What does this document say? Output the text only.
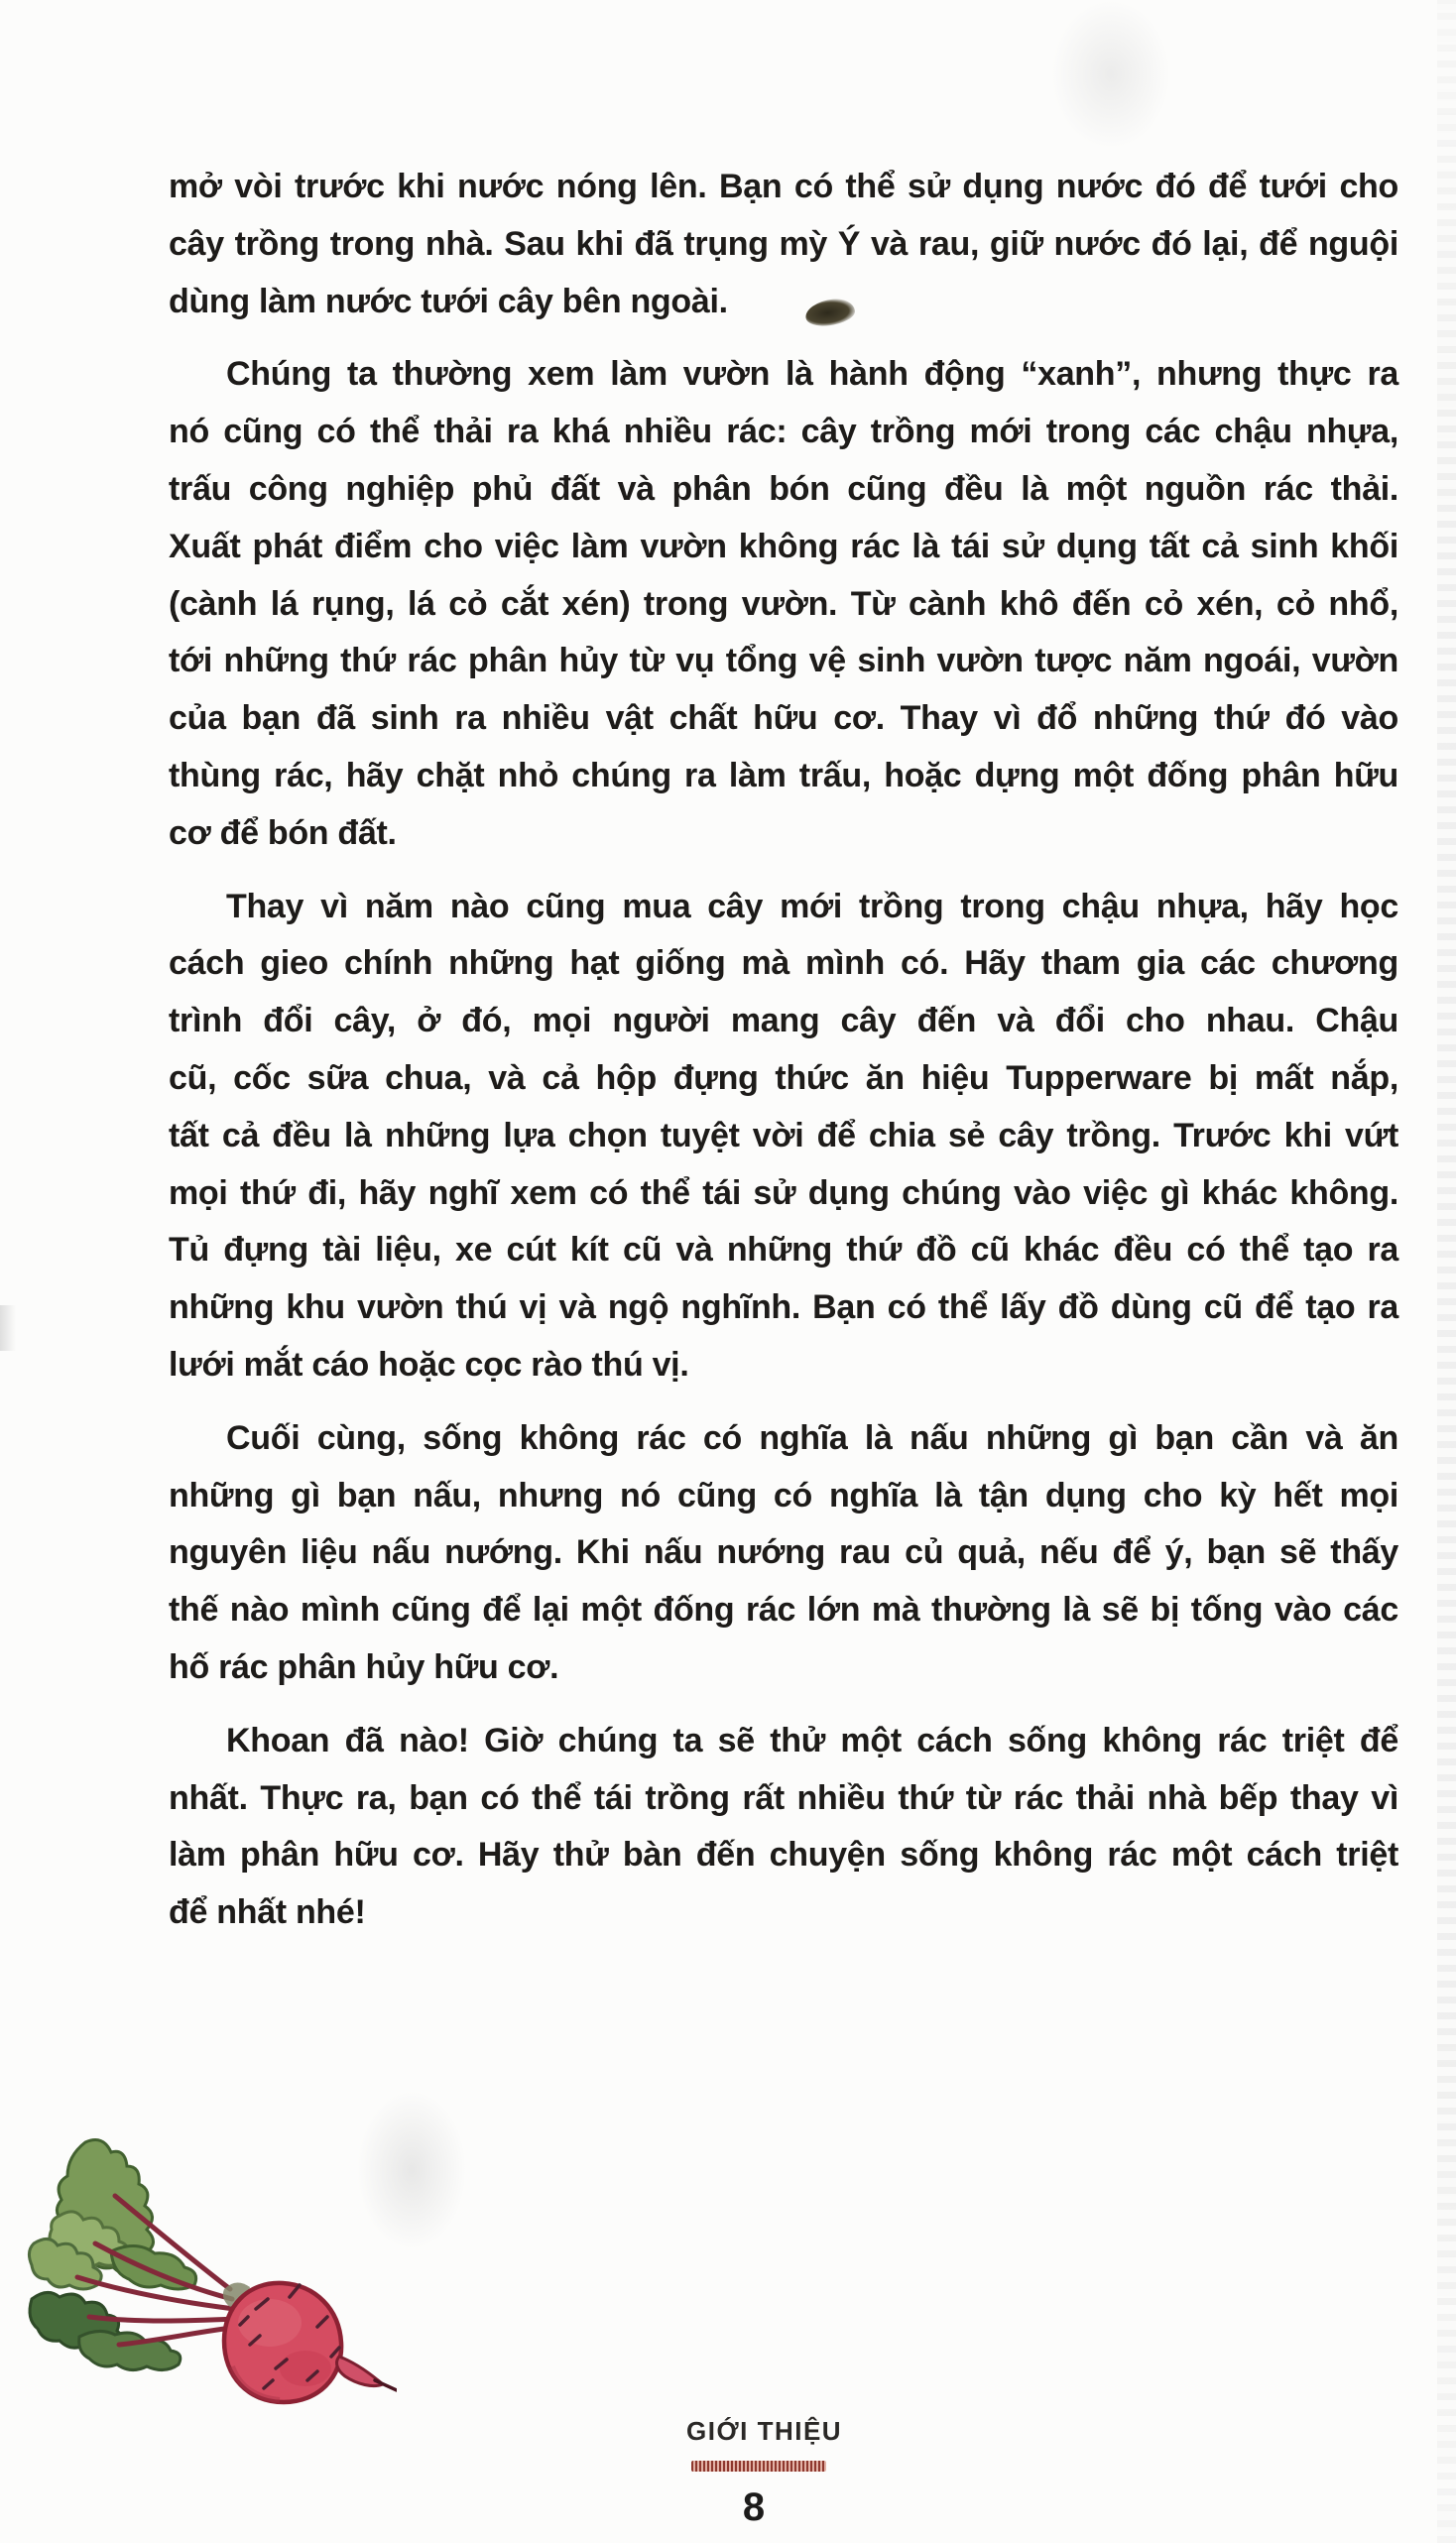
mở vòi trước khi nước nóng lên. Bạn có thể sử dụng nước đó để tưới cho
cây trồng trong nhà. Sau khi đã trụng mỳ Ý và rau, giữ nước đó lại, để nguội
dùng làm nước tưới cây bên ngoài.

Chúng ta thường xem làm vườn là hành động “xanh”, nhưng thực ra
nó cũng có thể thải ra khá nhiều rác: cây trồng mới trong các chậu nhựa,
trấu công nghiệp phủ đất và phân bón cũng đều là một nguồn rác thải.
Xuất phát điểm cho việc làm vườn không rác là tái sử dụng tất cả sinh khối
(cành lá rụng, lá cỏ cắt xén) trong vườn. Từ cành khô đến cỏ xén, cỏ nhổ,
tới những thứ rác phân hủy từ vụ tổng vệ sinh vườn tược năm ngoái, vườn
của bạn đã sinh ra nhiều vật chất hữu cơ. Thay vì đổ những thứ đó vào
thùng rác, hãy chặt nhỏ chúng ra làm trấu, hoặc dựng một đống phân hữu
cơ để bón đất.

Thay vì năm nào cũng mua cây mới trồng trong chậu nhựa, hãy học
cách gieo chính những hạt giống mà mình có. Hãy tham gia các chương
trình đổi cây, ở đó, mọi người mang cây đến và đổi cho nhau. Chậu
cũ, cốc sữa chua, và cả hộp đựng thức ăn hiệu Tupperware bị mất nắp,
tất cả đều là những lựa chọn tuyệt vời để chia sẻ cây trồng. Trước khi vứt
mọi thứ đi, hãy nghĩ xem có thể tái sử dụng chúng vào việc gì khác không.
Tủ đựng tài liệu, xe cút kít cũ và những thứ đồ cũ khác đều có thể tạo ra
những khu vườn thú vị và ngộ nghĩnh. Bạn có thể lấy đồ dùng cũ để tạo ra
lưới mắt cáo hoặc cọc rào thú vị.

Cuối cùng, sống không rác có nghĩa là nấu những gì bạn cần và ăn
những gì bạn nấu, nhưng nó cũng có nghĩa là tận dụng cho kỳ hết mọi
nguyên liệu nấu nướng. Khi nấu nướng rau củ quả, nếu để ý, bạn sẽ thấy
thế nào mình cũng để lại một đống rác lớn mà thường là sẽ bị tống vào các
hố rác phân hủy hữu cơ.

Khoan đã nào! Giờ chúng ta sẽ thử một cách sống không rác triệt để
nhất. Thực ra, bạn có thể tái trồng rất nhiều thứ từ rác thải nhà bếp thay vì
làm phân hữu cơ. Hãy thử bàn đến chuyện sống không rác một cách triệt
để nhất nhé!

GIỚI THIỆU
8
